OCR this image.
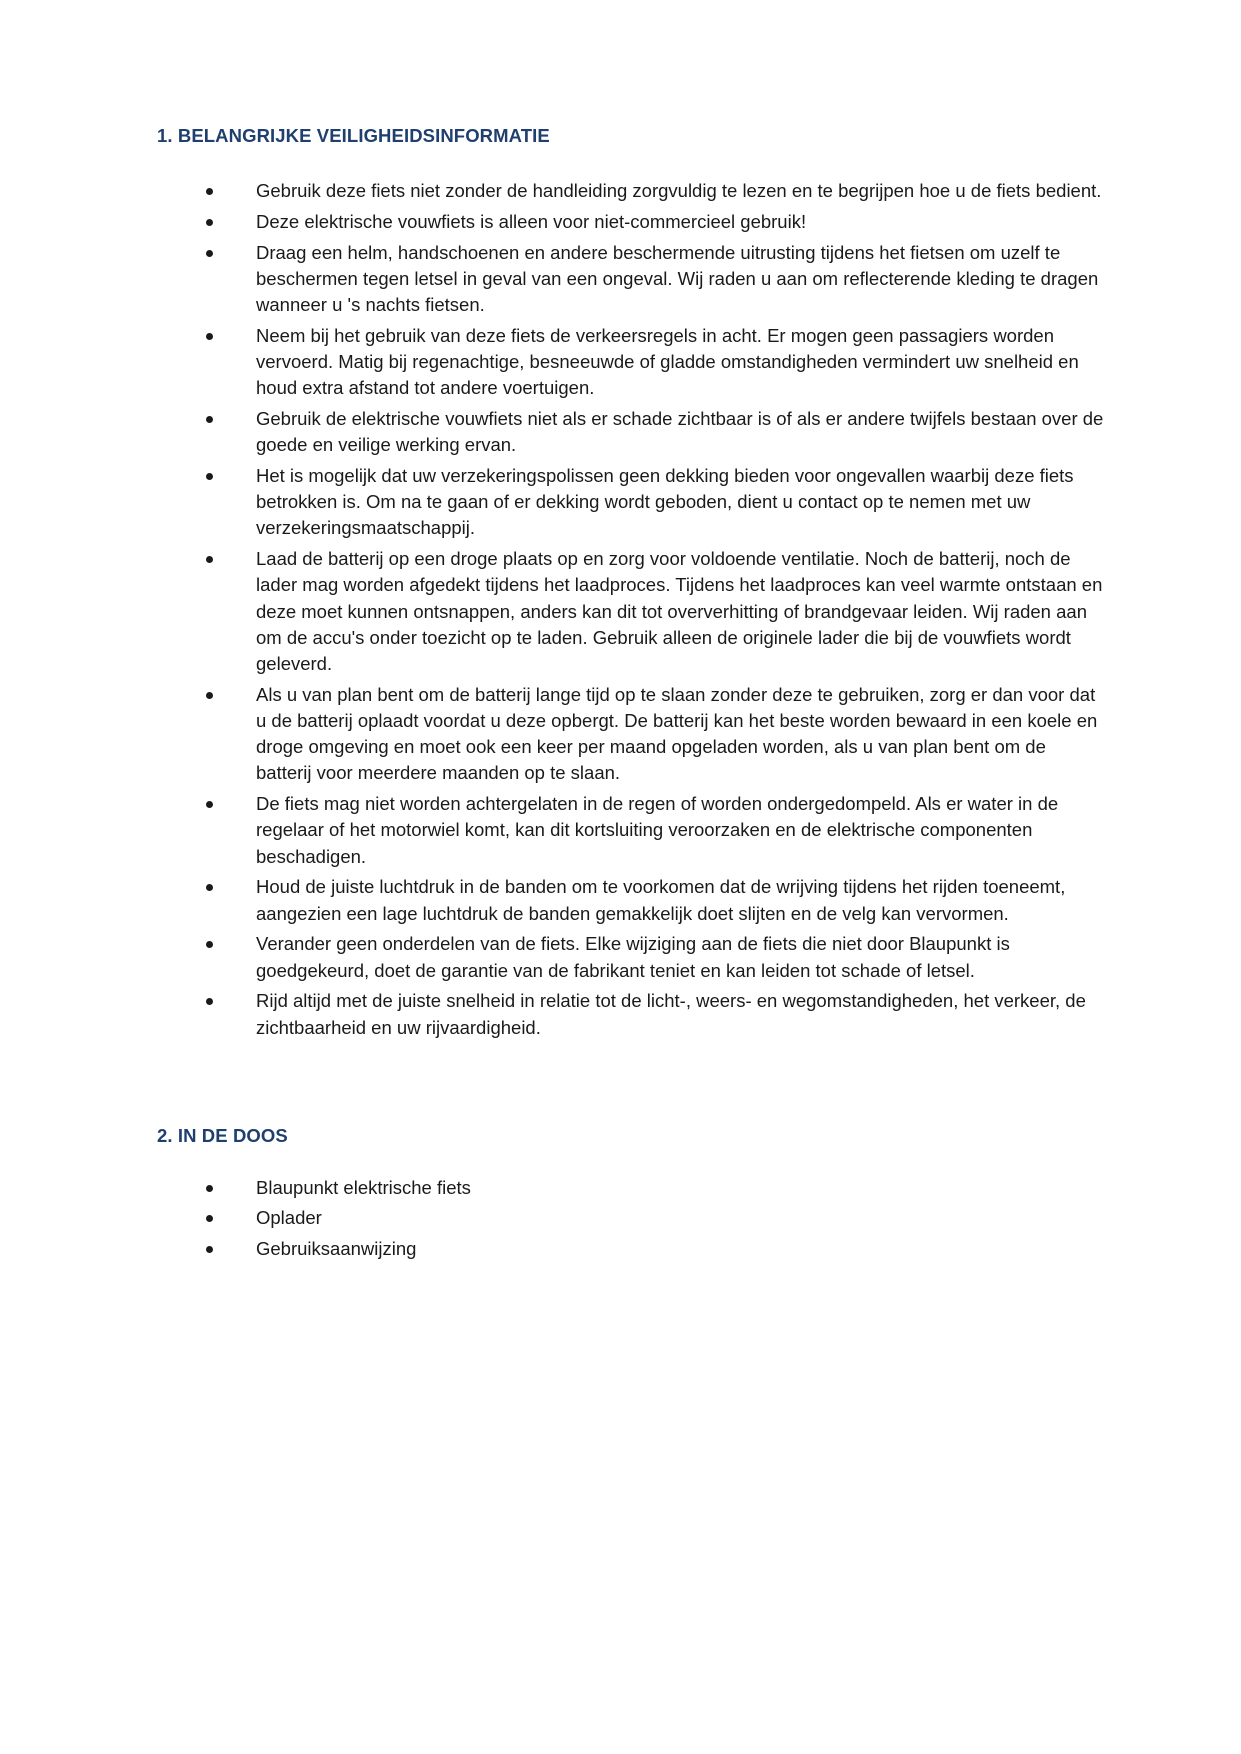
1. BELANGRIJKE VEILIGHEIDSINFORMATIE
Gebruik deze fiets niet zonder de handleiding zorgvuldig te lezen en te begrijpen hoe u de fiets bedient.
Deze elektrische vouwfiets is alleen voor niet-commercieel gebruik!
Draag een helm, handschoenen en andere beschermende uitrusting tijdens het fietsen om uzelf te beschermen tegen letsel in geval van een ongeval. Wij raden u aan om reflecterende kleding te dragen wanneer u 's nachts fietsen.
Neem bij het gebruik van deze fiets de verkeersregels in acht. Er mogen geen passagiers worden vervoerd. Matig bij regenachtige, besneeuwde of gladde omstandigheden vermindert uw snelheid en houd extra afstand tot andere voertuigen.
Gebruik de elektrische vouwfiets niet als er schade zichtbaar is of als er andere twijfels bestaan over de goede en veilige werking ervan.
Het is mogelijk dat uw verzekeringspolissen geen dekking bieden voor ongevallen waarbij deze fiets betrokken is. Om na te gaan of er dekking wordt geboden, dient u contact op te nemen met uw verzekeringsmaatschappij.
Laad de batterij op een droge plaats op en zorg voor voldoende ventilatie. Noch de batterij, noch de lader mag worden afgedekt tijdens het laadproces. Tijdens het laadproces kan veel warmte ontstaan en deze moet kunnen ontsnappen, anders kan dit tot oververhitting of brandgevaar leiden. Wij raden aan om de accu's onder toezicht op te laden. Gebruik alleen de originele lader die bij de vouwfiets wordt geleverd.
Als u van plan bent om de batterij lange tijd op te slaan zonder deze te gebruiken, zorg er dan voor dat u de batterij oplaadt voordat u deze opbergt. De batterij kan het beste worden bewaard in een koele en droge omgeving en moet ook een keer per maand opgeladen worden, als u van plan bent om de batterij voor meerdere maanden op te slaan.
De fiets mag niet worden achtergelaten in de regen of worden ondergedompeld. Als er water in de regelaar of het motorwiel komt, kan dit kortsluiting veroorzaken en de elektrische componenten beschadigen.
Houd de juiste luchtdruk in de banden om te voorkomen dat de wrijving tijdens het rijden toeneemt, aangezien een lage luchtdruk de banden gemakkelijk doet slijten en de velg kan vervormen.
Verander geen onderdelen van de fiets. Elke wijziging aan de fiets die niet door Blaupunkt is goedgekeurd, doet de garantie van de fabrikant teniet en kan leiden tot schade of letsel.
Rijd altijd met de juiste snelheid in relatie tot de licht-, weers- en wegomstandigheden, het verkeer, de zichtbaarheid en uw rijvaardigheid.
2. IN DE DOOS
Blaupunkt elektrische fiets
Oplader
Gebruiksaanwijzing
